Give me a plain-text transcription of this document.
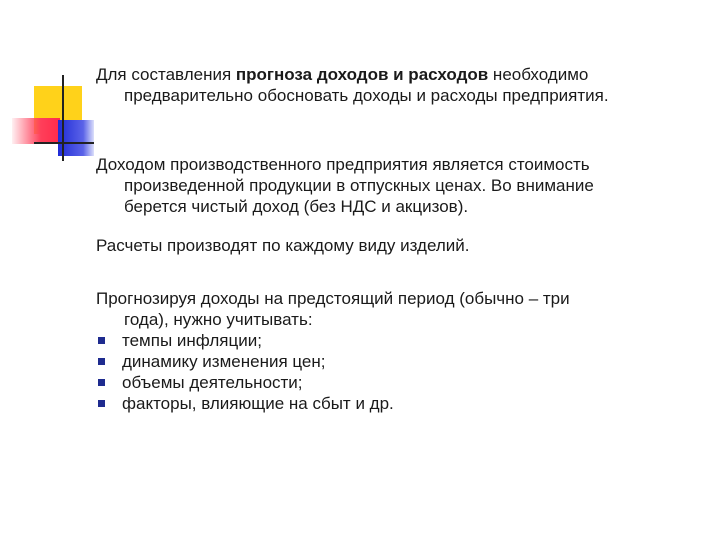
Для составления прогноза доходов и расходов необходимо
предварительно обосновать доходы и расходы предприятия.

Доходом производственного предприятия является стоимость
произведенной продукции в отпускных ценах. Во внимание
берется чистый доход (без НДС и акцизов).

Расчеты производят по каждому виду изделий.

Прогнозируя доходы на предстоящий период (обычно – три
года), нужно учитывать:
темпы инфляции;
динамику изменения цен;
объемы деятельности;
факторы, влияющие на сбыт и др.
